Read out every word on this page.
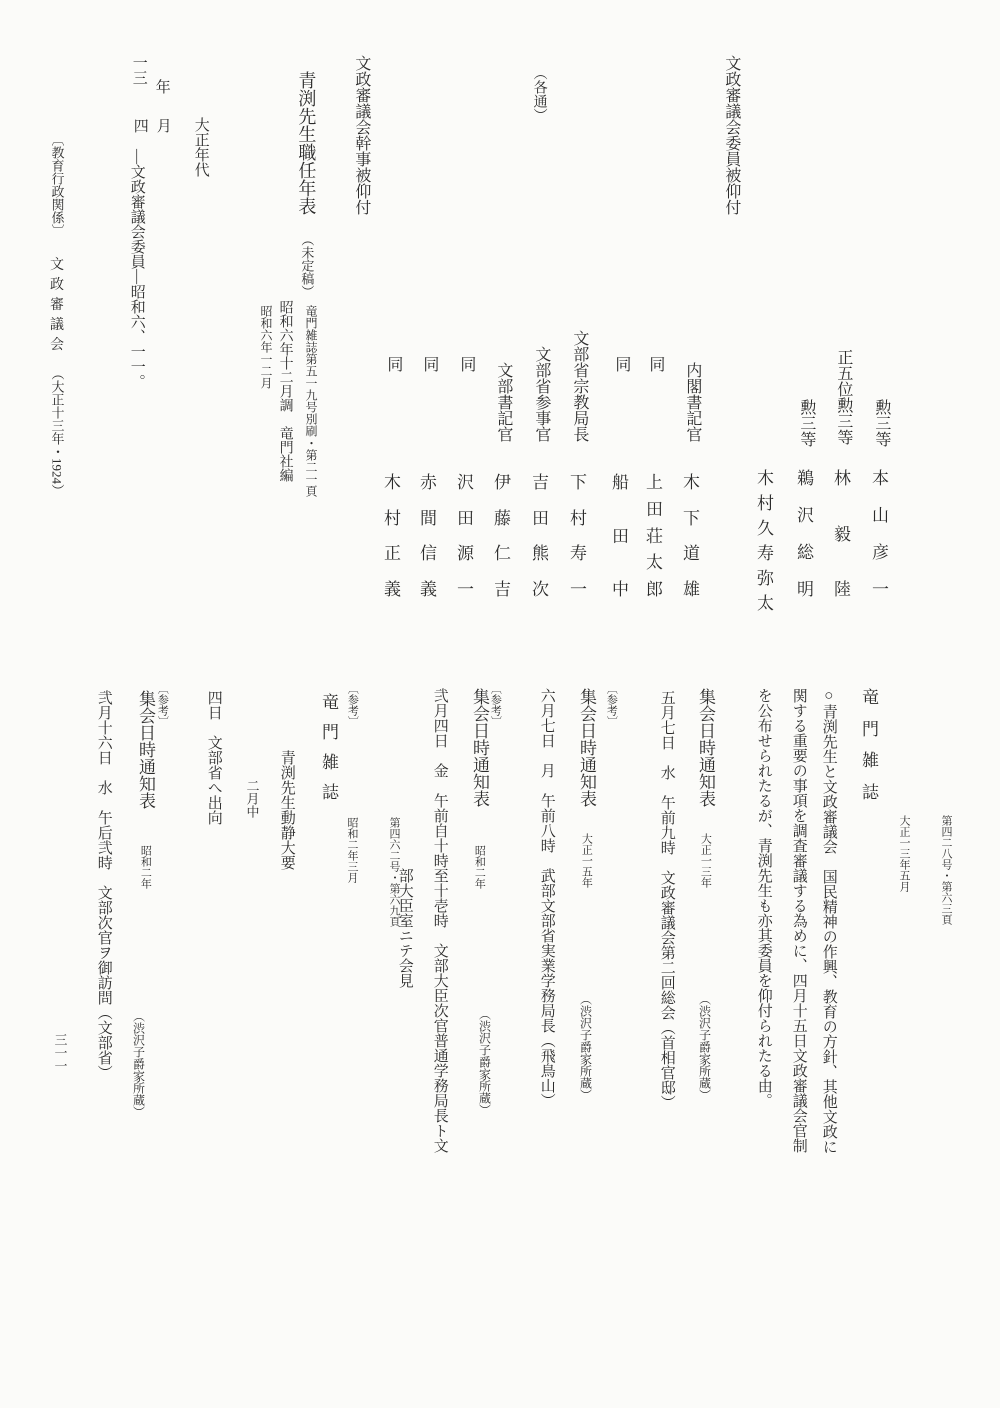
勲三等
本
山
彦
一
正五位勲三等
林
毅
陸
勲三等
鵜
沢
総
明
木
村
久
寿
弥
太
文政審議会委員被仰付
（各通）
内閣書記官
木
下
道
雄
同
上
田
荘
太
郎
同
船
田
中
文部省宗教局長
下
村
寿
一
文部省参事官
吉
田
熊
次
文部書記官
伊
藤
仁
吉
同
沢
田
源
一
同
赤
間
信
義
同
木
村
正
義
文政審議会幹事被仰付

青渕先生職任年表（未定稿）

昭和六年十二月調　竜門社編

竜門雑誌第五一九号別刷・第二一頁

昭和六年一二月

大正年代
年
月
一三
四
―文政審議会委員―昭和六、一一。
〔教育行政関係〕
文
政
審
議
会
（大正十三年・1924）
竜
門
雑
誌

第四二八号・第六三頁

大正一三年五月

○青渕先生と文政審議会　国民精神の作興、教育の方針、其他文政に
関する重要の事項を調査審議する為めに、四月十五日文政審議会官制
を公布せられたるが、青渕先生も亦其委員を仰付られたる由。
集会日時通知表
大正一三年
（渋沢子爵家所蔵）
五月七日　水　午前九時　文政審議会第二回総会（首相官邸）
〔参考〕
集会日時通知表
大正一五年
（渋沢子爵家所蔵）
六月七日　月　午前八時　武部文部省実業学務局長（飛鳥山）
〔参考〕
集会日時通知表
昭和二年
（渋沢子爵家所蔵）
弐月四日　金　午前自十時至十壱時　文部大臣次官普通学務局長ト文
部大臣室ニテ会見
〔参考〕
竜
門
雑
誌

第四六二号・第六九頁

昭和二年三月

青渕先生動静大要
二月中
四日　文部省へ出向
〔参考〕
集会日時通知表
昭和二年
（渋沢子爵家所蔵）
弐月十六日　水　午后弐時　文部次官ヲ御訪問（文部省）
三一一
